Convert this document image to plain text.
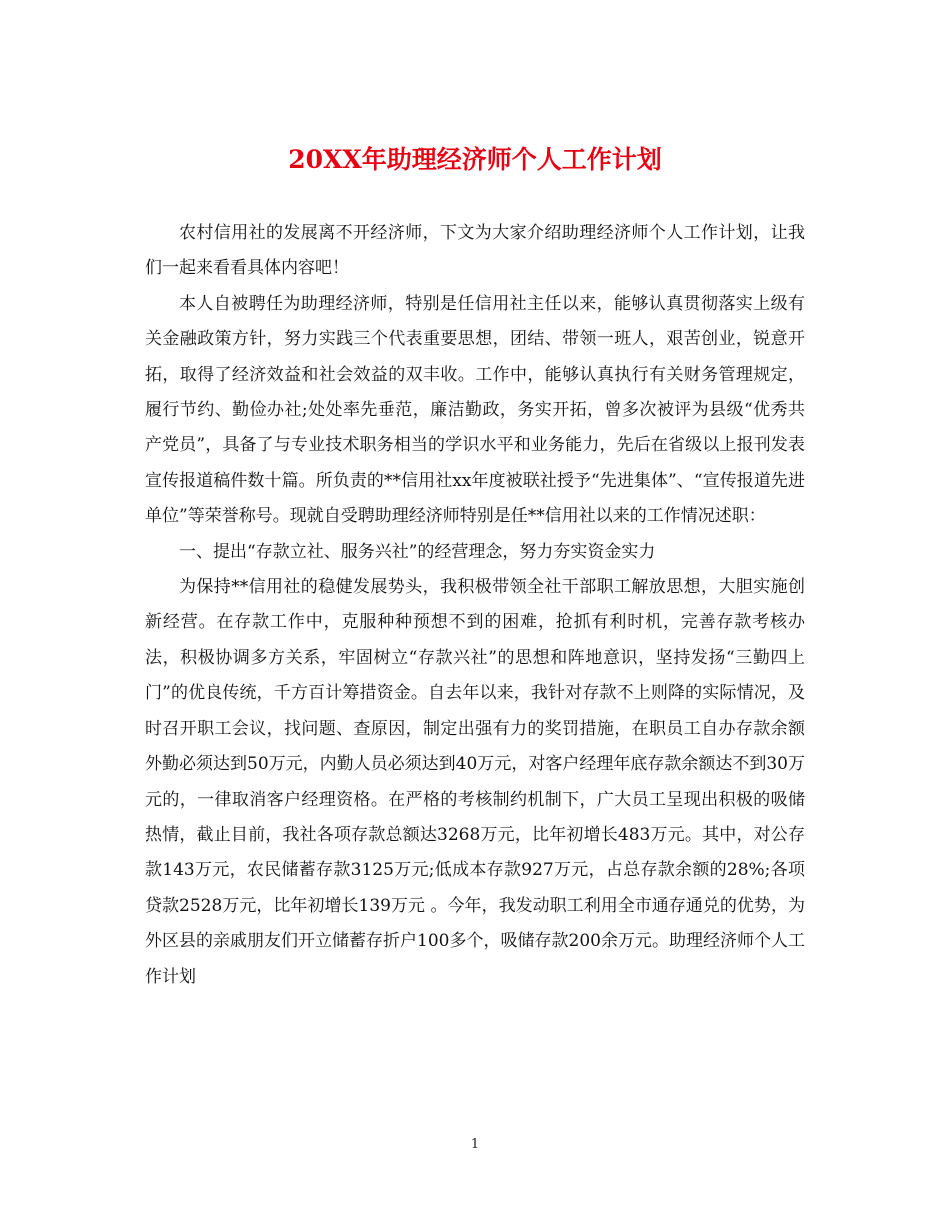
20XX年助理经济师个人工作计划

农村信用社的发展离不开经济师，下文为大家介绍助理经济师个人工作计划，让我们一起来看看具体内容吧！

本人自被聘任为助理经济师，特别是任信用社主任以来，能够认真贯彻落实上级有关金融政策方针，努力实践三个代表重要思想，团结、带领一班人，艰苦创业，锐意开拓，取得了经济效益和社会效益的双丰收。工作中，能够认真执行有关财务管理规定，履行节约、勤俭办社;处处率先垂范，廉洁勤政，务实开拓，曾多次被评为县级“优秀共产党员”，具备了与专业技术职务相当的学识水平和业务能力，先后在省级以上报刊发表宣传报道稿件数十篇。所负责的**信用社xx年度被联社授予“先进集体”、“宣传报道先进单位”等荣誉称号。现就自受聘助理经济师特别是任**信用社以来的工作情况述职：

一、提出“存款立社、服务兴社”的经营理念，努力夯实资金实力

为保持**信用社的稳健发展势头，我积极带领全社干部职工解放思想，大胆实施创新经营。在存款工作中，克服种种预想不到的困难，抢抓有利时机，完善存款考核办法，积极协调多方关系，牢固树立“存款兴社”的思想和阵地意识，坚持发扬“三勤四上门”的优良传统，千方百计筹措资金。自去年以来，我针对存款不上则降的实际情况，及时召开职工会议，找问题、查原因，制定出强有力的奖罚措施，在职员工自办存款余额外勤必须达到50万元，内勤人员必须达到40万元，对客户经理年底存款余额达不到30万元的，一律取消客户经理资格。在严格的考核制约机制下，广大员工呈现出积极的吸储热情，截止目前，我社各项存款总额达3268万元，比年初增长483万元。其中，对公存款143万元，农民储蓄存款3125万元;低成本存款927万元，占总存款余额的28%;各项贷款2528万元，比年初增长139万元 。今年，我发动职工利用全市通存通兑的优势，为外区县的亲戚朋友们开立储蓄存折户100多个，吸储存款200余万元。助理经济师个人工作计划

1
